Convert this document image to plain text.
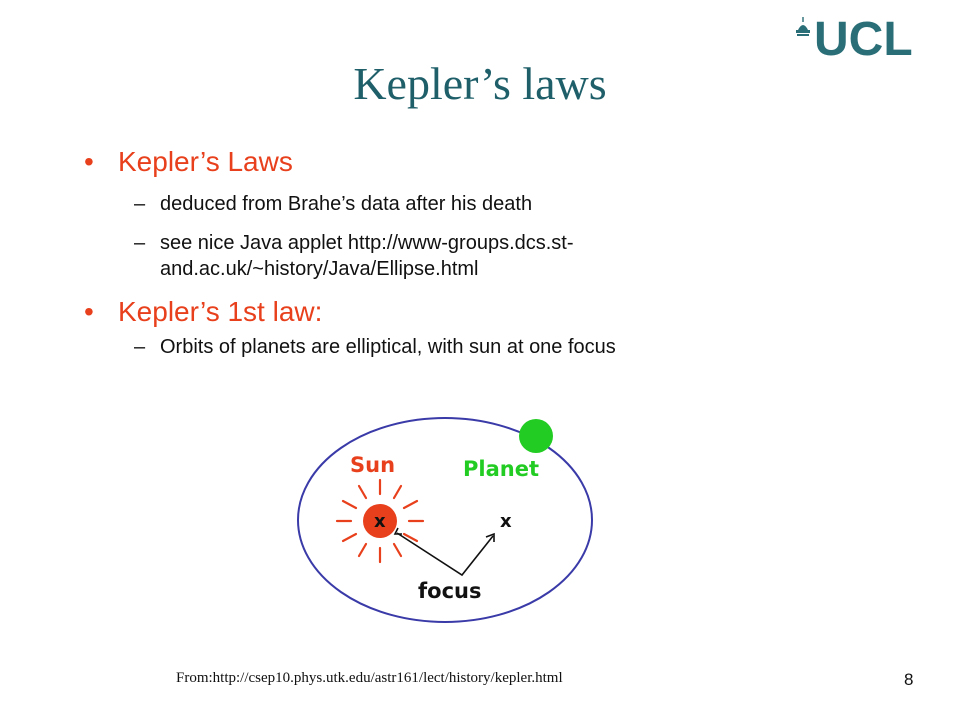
UCL
Kepler’s laws
• Kepler’s Laws
– deduced from Brahe’s data after his death
– see nice Java applet http://www-groups.dcs.st-
and.ac.uk/~history/Java/Ellipse.html
• Kepler’s 1st law:
– Orbits of planets are elliptical, with sun at one focus
Sun
x
Planet
x
focus
From:http://csep10.phys.utk.edu/astr161/lect/history/kepler.html	8
